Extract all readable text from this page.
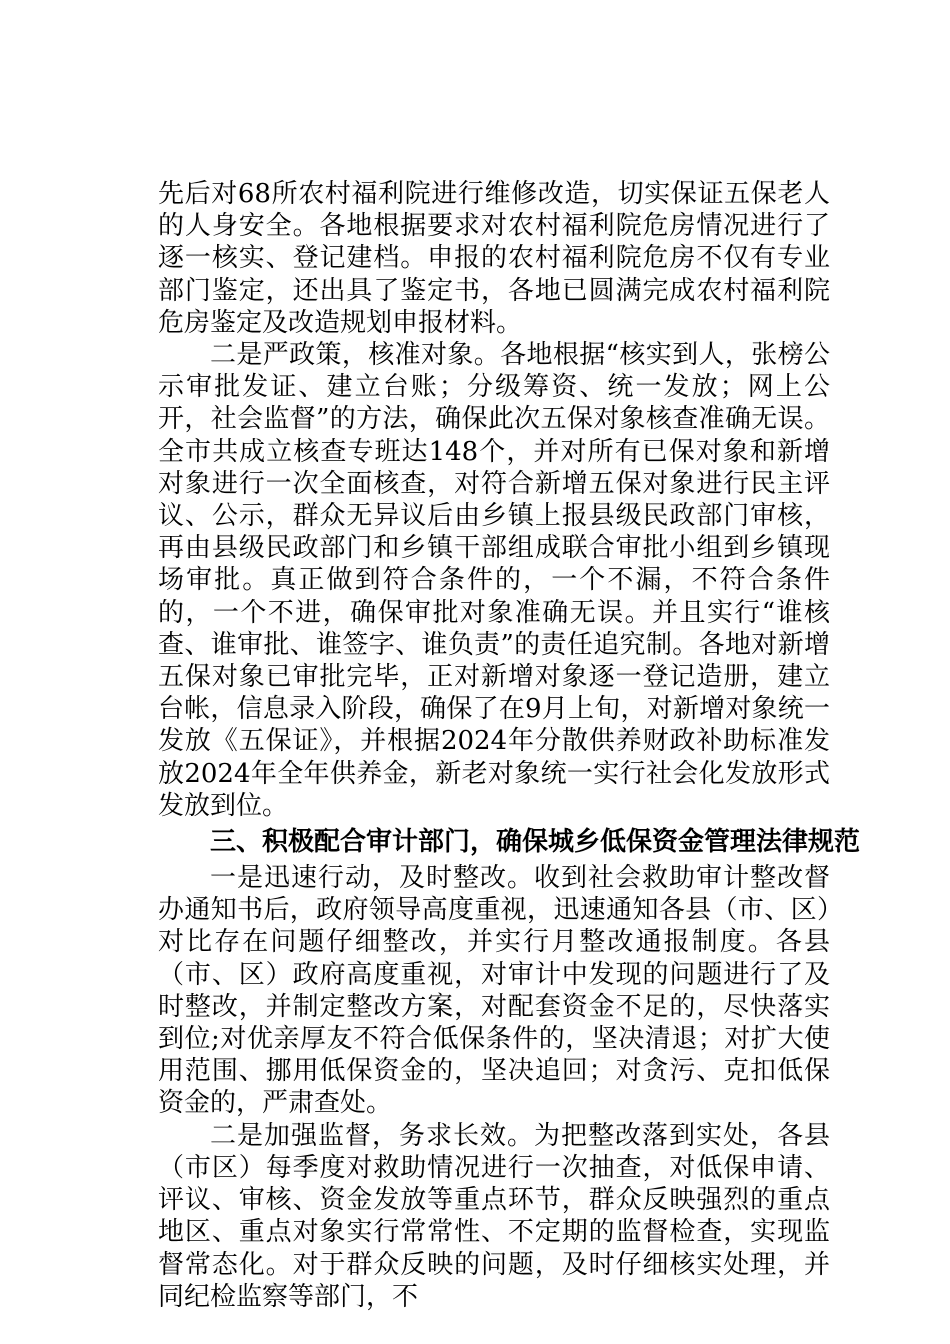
先后对68所农村福利院进行维修改造，切实保证五保老人的人身安全。各地根据要求对农村福利院危房情况进行了逐一核实、登记建档。申报的农村福利院危房不仅有专业部门鉴定，还出具了鉴定书，各地已圆满完成农村福利院危房鉴定及改造规划申报材料。

二是严政策，核准对象。各地根据“核实到人，张榜公示审批发证、建立台账；分级筹资、统一发放；网上公开，社会监督”的方法，确保此次五保对象核查准确无误。全市共成立核查专班达148个，并对所有已保对象和新增对象进行一次全面核查，对符合新增五保对象进行民主评议、公示，群众无异议后由乡镇上报县级民政部门审核，再由县级民政部门和乡镇干部组成联合审批小组到乡镇现场审批。真正做到符合条件的，一个不漏，不符合条件的，一个不进，确保审批对象准确无误。并且实行“谁核查、谁审批、谁签字、谁负责”的责任追究制。各地对新增五保对象已审批完毕，正对新增对象逐一登记造册，建立台帐，信息录入阶段，确保了在9月上旬，对新增对象统一发放《五保证》，并根据2024年分散供养财政补助标准发放2024年全年供养金，新老对象统一实行社会化发放形式发放到位。

三、积极配合审计部门，确保城乡低保资金管理法律规范

一是迅速行动，及时整改。收到社会救助审计整改督办通知书后，政府领导高度重视，迅速通知各县（市、区）对比存在问题仔细整改，并实行月整改通报制度。各县（市、区）政府高度重视，对审计中发现的问题进行了及时整改，并制定整改方案，对配套资金不足的，尽快落实到位;对优亲厚友不符合低保条件的，坚决清退；对扩大使用范围、挪用低保资金的，坚决追回；对贪污、克扣低保资金的，严肃查处。

二是加强监督，务求长效。为把整改落到实处，各县（市区）每季度对救助情况进行一次抽查，对低保申请、评议、审核、资金发放等重点环节，群众反映强烈的重点地区、重点对象实行常常性、不定期的监督检查，实现监督常态化。对于群众反映的问题，及时仔细核实处理，并同纪检监察等部门，不
